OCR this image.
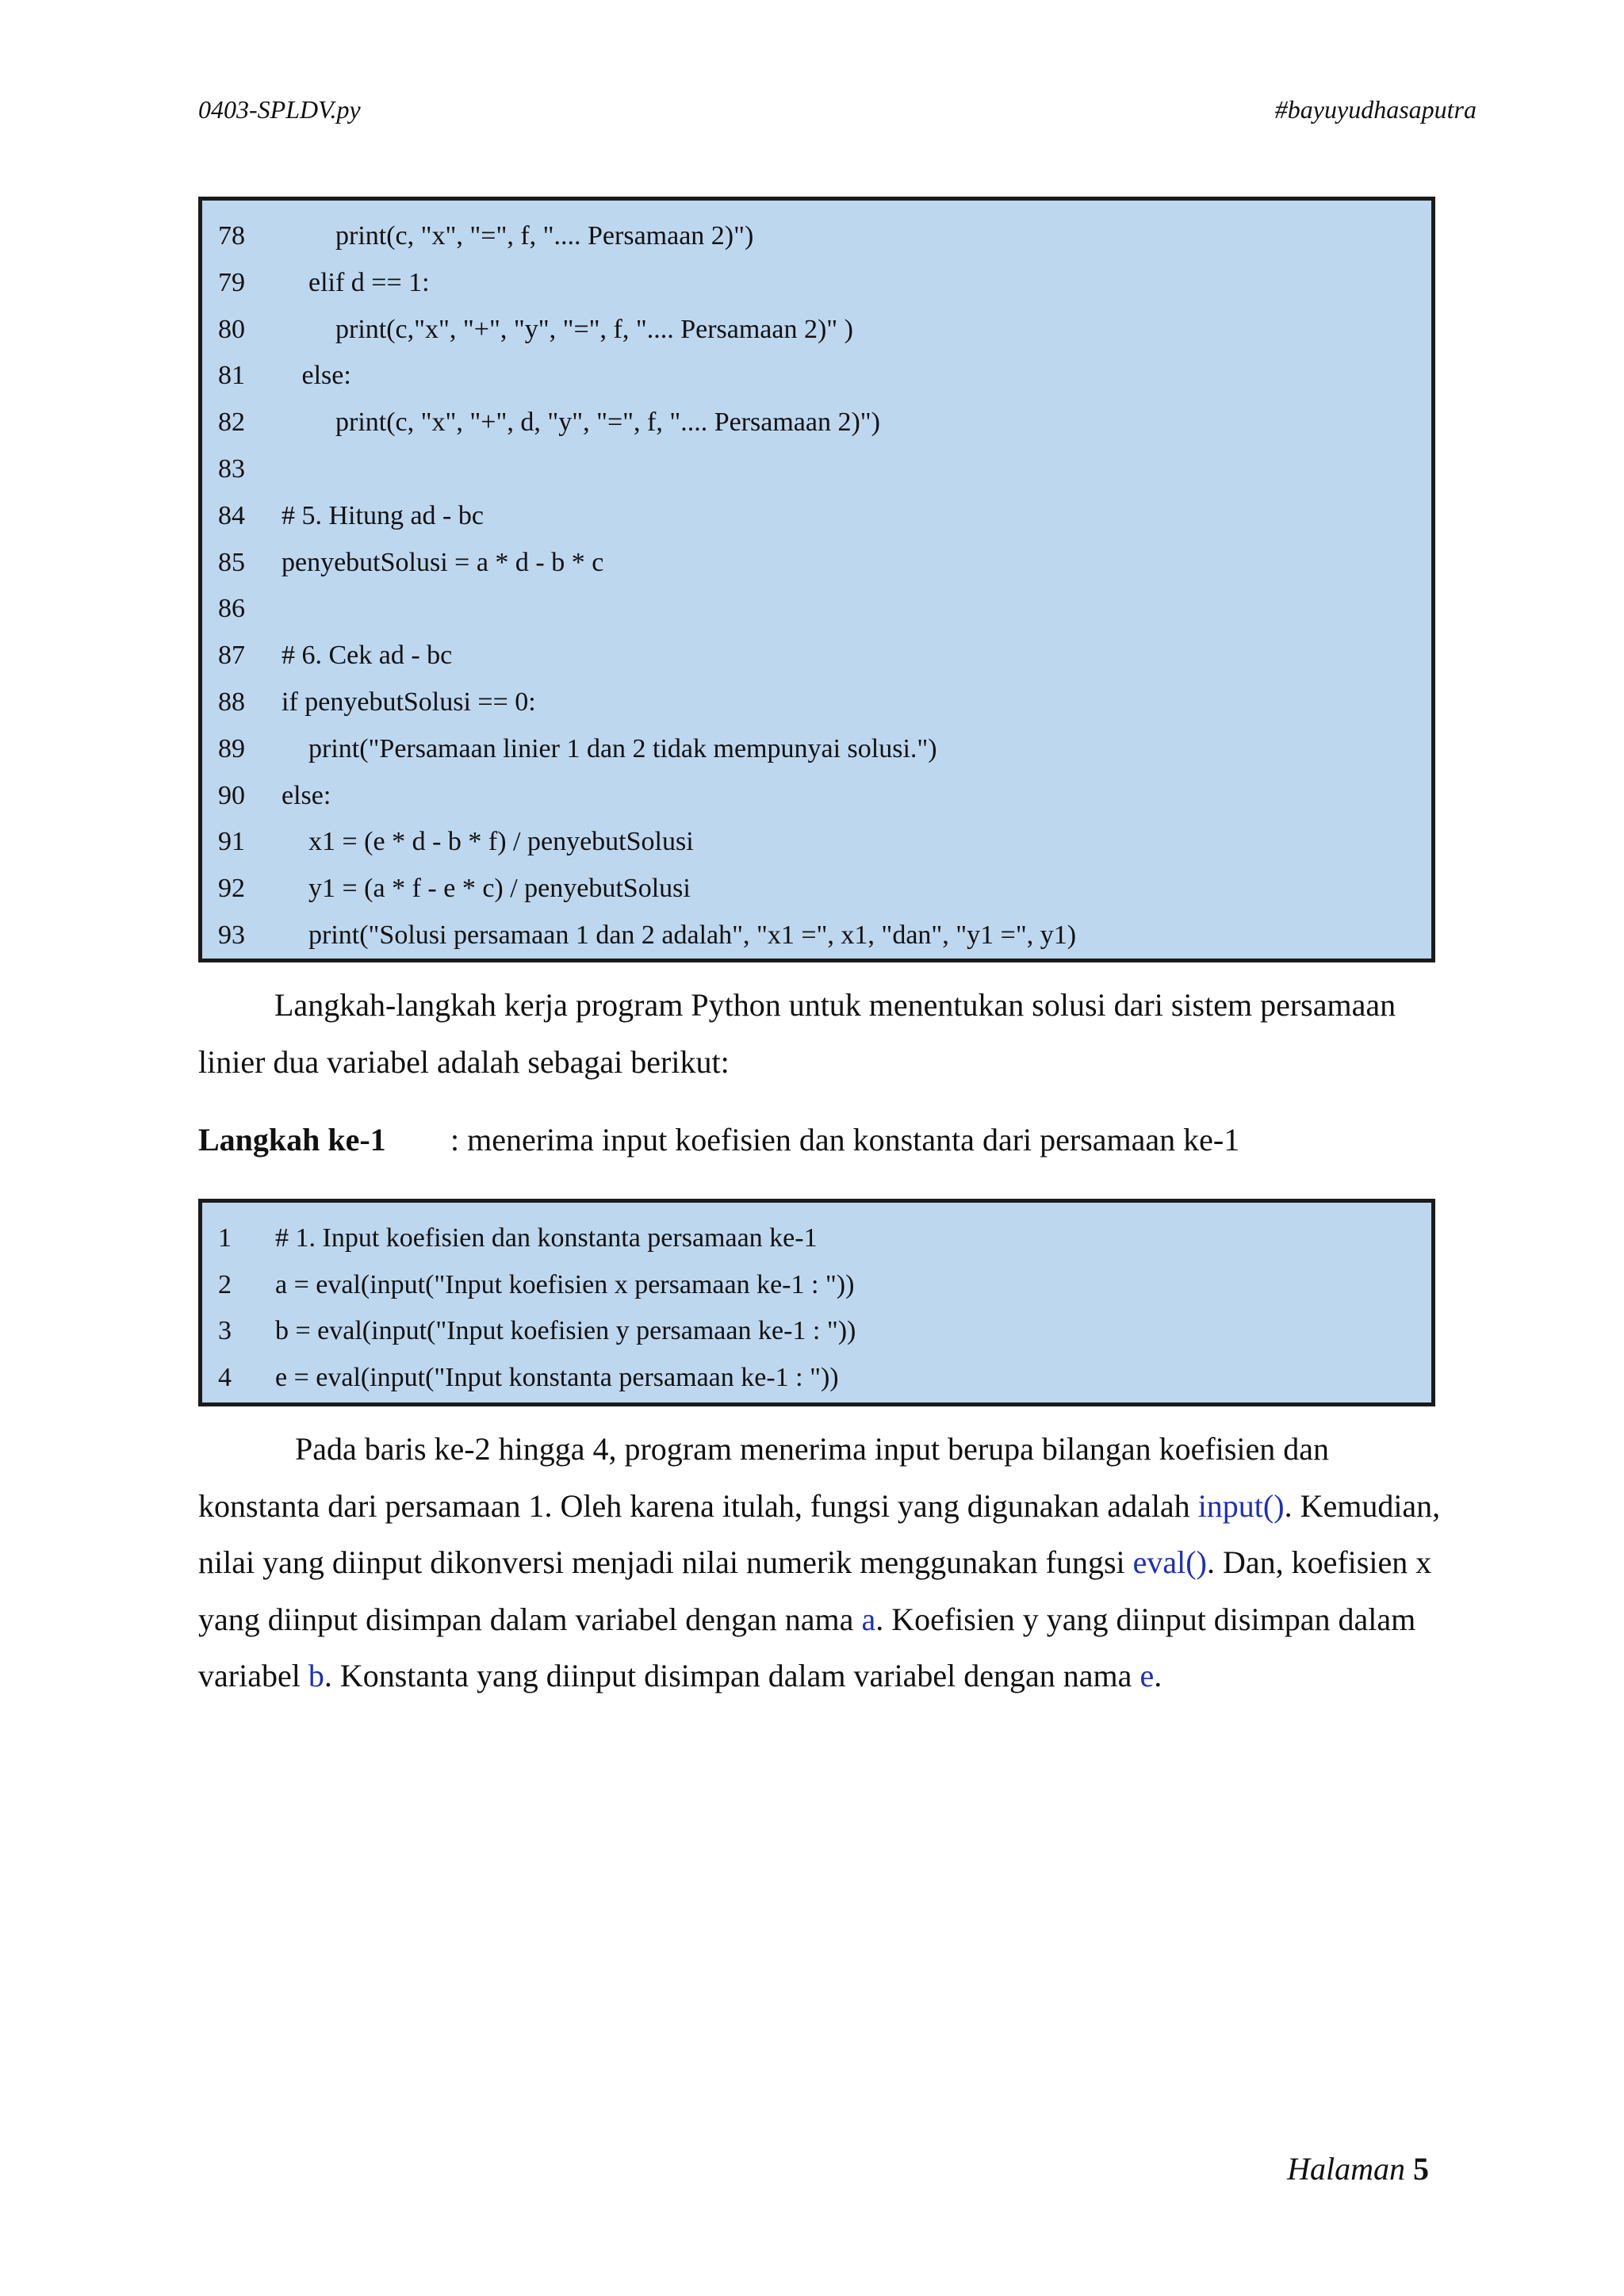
0403-SPLDV.py	#bayuyudhasaputra
78 print(c, "x", "=", f, ".... Persamaan 2)")
79 elif d == 1:
80 print(c,"x", "+", "y", "=", f, ".... Persamaan 2)" )
81 else:
82 print(c, "x", "+", d, "y", "=", f, ".... Persamaan 2)")
83
84 # 5. Hitung ad - bc
85 penyebutSolusi = a * d - b * c
86
87 # 6. Cek ad - bc
88 if penyebutSolusi == 0:
89 print("Persamaan linier 1 dan 2 tidak mempunyai solusi.")
90 else:
91 x1 = (e * d - b * f) / penyebutSolusi
92 y1 = (a * f - e * c) / penyebutSolusi
93 print("Solusi persamaan 1 dan 2 adalah", "x1 =", x1, "dan", "y1 =", y1)
Langkah-langkah kerja program Python untuk menentukan solusi dari sistem persamaan linier dua variabel adalah sebagai berikut:
Langkah ke-1 : menerima input koefisien dan konstanta dari persamaan ke-1
1 # 1. Input koefisien dan konstanta persamaan ke-1
2 a = eval(input("Input koefisien x persamaan ke-1 : "))
3 b = eval(input("Input koefisien y persamaan ke-1 : "))
4 e = eval(input("Input konstanta persamaan ke-1 : "))
Pada baris ke-2 hingga 4, program menerima input berupa bilangan koefisien dan konstanta dari persamaan 1. Oleh karena itulah, fungsi yang digunakan adalah input(). Kemudian, nilai yang diinput dikonversi menjadi nilai numerik menggunakan fungsi eval(). Dan, koefisien x yang diinput disimpan dalam variabel dengan nama a. Koefisien y yang diinput disimpan dalam variabel b. Konstanta yang diinput disimpan dalam variabel dengan nama e.
Halaman 5
